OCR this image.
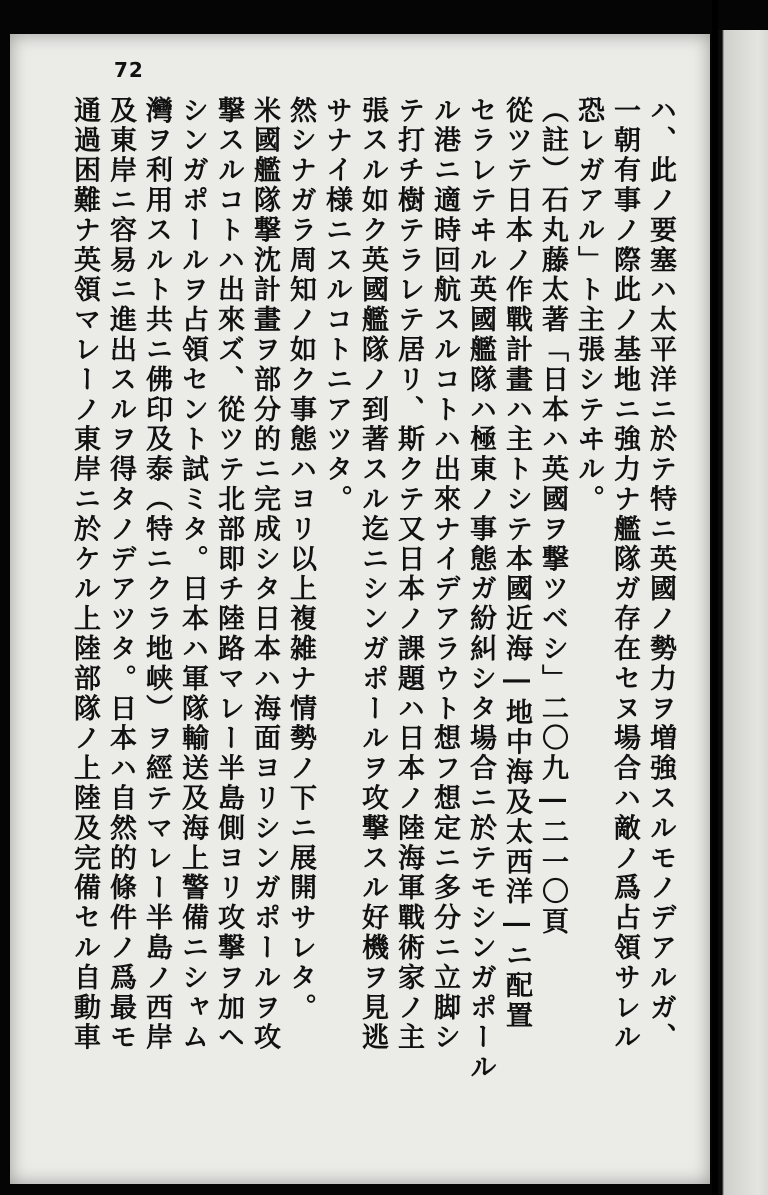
72
ハ、此ノ要塞ハ太平洋ニ於テ特ニ英國ノ勢力ヲ増強スルモノデアルガ、
一朝有事ノ際此ノ基地ニ強力ナ艦隊ガ存在セヌ場合ハ敵ノ爲占領サレル
恐レガアル」ト主張シテヰル。
（註）石丸藤太著「日本ハ英國ヲ撃ツベシ」二〇九―二一〇頁
從ツテ日本ノ作戰計畫ハ主トシテ本國近海―地中海及太西洋―ニ配置
セラレテヰル英國艦隊ハ極東ノ事態ガ紛糾シタ場合ニ於テモシンガポール
ル港ニ適時回航スルコトハ出來ナイデアラウト想フ想定ニ多分ニ立脚シ
テ打チ樹テラレテ居リ、斯クテ又日本ノ課題ハ日本ノ陸海軍戰術家ノ主
張スル如ク英國艦隊ノ到著スル迄ニシンガポールヲ攻撃スル好機ヲ見逃
サナイ様ニスルコトニアツタ。
然シナガラ周知ノ如ク事態ハヨリ以上複雑ナ情勢ノ下ニ展開サレタ。
米國艦隊撃沈計畫ヲ部分的ニ完成シタ日本ハ海面ヨリシンガポールヲ攻
撃スルコトハ出來ズ、從ツテ北部即チ陸路マレー半島側ヨリ攻撃ヲ加ヘ
シンガポールヲ占領セント試ミタ。日本ハ軍隊輸送及海上警備ニシャム
灣ヲ利用スルト共ニ佛印及泰（特ニクラ地峡）ヲ經テマレー半島ノ西岸
及東岸ニ容易ニ進出スルヲ得タノデアツタ。日本ハ自然的條件ノ爲最モ
通過困難ナ英領マレーノ東岸ニ於ケル上陸部隊ノ上陸及完備セル自動車
